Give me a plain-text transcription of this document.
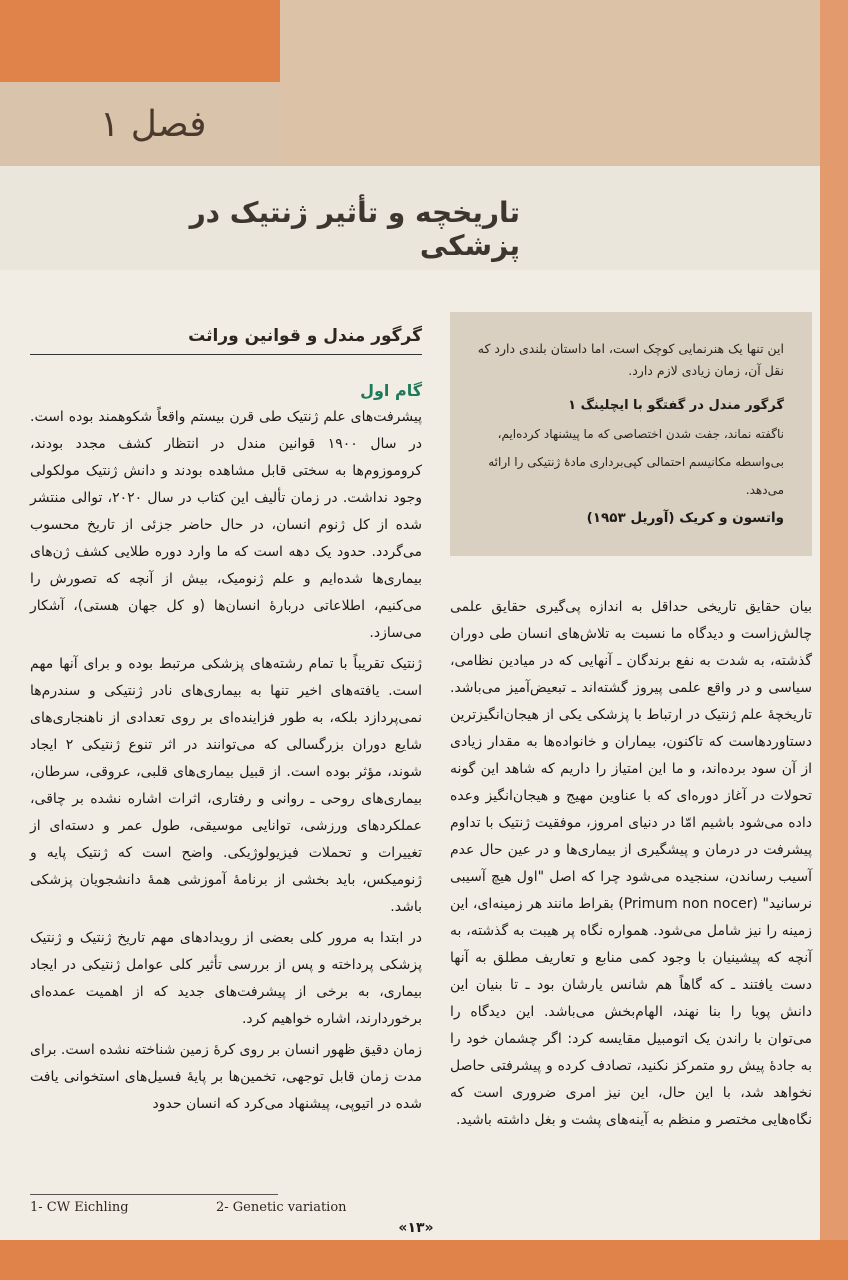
فصل ۱
تاریخچه و تأثیر ژنتیک در پزشکی
این تنها یک هنرنمایی کوچک است، اما داستان بلندی دارد که نقل آن، زمان زیادی لازم دارد.
گرگور مندل در گفتگو با ایچلینگ ۱
ناگفته نماند، جفت شدن اختصاصی که ما پیشنهاد کرده‌ایم، بی‌واسطه مکانیسم احتمالی کپی‌برداری مادهٔ ژنتیکی را ارائه می‌دهد.
واتسون و کریک (آوریل ۱۹۵۳)
گرگور مندل و قوانین وراثت
گام اول

پیشرفت‌های علم ژنتیک طی قرن بیستم واقعاً شکوهمند بوده است. در سال ۱۹۰۰ قوانین مندل در انتظار کشف مجدد بودند، کروموزوم‌ها به سختی قابل مشاهده بودند و دانش ژنتیک مولکولی وجود نداشت. در زمان تألیف این کتاب در سال ۲۰۲۰، توالی منتشر شده از کل ژنوم انسان، در حال حاضر جزئی از تاریخ محسوب می‌گردد. حدود یک دهه است که ما وارد دوره طلایی کشف ژن‌های بیماری‌ها شده‌ایم و علم ژنومیک، بیش از آنچه که تصورش را می‌کنیم، اطلاعاتی دربارهٔ انسان‌ها (و کل جهان هستی)، آشکار می‌سازد.

ژنتیک تقریباً با تمام رشته‌های پزشکی مرتبط بوده و برای آنها مهم است. یافته‌های اخیر تنها به بیماری‌های نادر ژنتیکی و سندرم‌ها نمی‌پردازد بلکه، به طور فزاینده‌ای بر روی تعدادی از ناهنجاری‌های شایع دوران بزرگسالی که می‌توانند در اثر تنوع ژنتیکی ۲ ایجاد شوند، مؤثر بوده است. از قبیل بیماری‌های قلبی، عروقی، سرطان، بیماری‌های روحی ـ روانی و رفتاری، اثرات اشاره نشده بر چاقی، عملکردهای ورزشی، توانایی موسیقی، طول عمر و دسته‌ای از تغییرات و تحملات فیزیولوژیکی. واضح است که ژنتیک پایه و ژنومیکس، باید بخشی از برنامهٔ آموزشی همهٔ دانشجویان پزشکی باشد.

در ابتدا به مرور کلی بعضی از رویدادهای مهم تاریخ ژنتیک و ژنتیک پزشکی پرداخته و پس از بررسی تأثیر کلی عوامل ژنتیکی در ایجاد بیماری، به برخی از پیشرفت‌های جدید که از اهمیت عمده‌ای برخوردارند، اشاره خواهیم کرد.

زمان دقیق ظهور انسان بر روی کرهٔ زمین شناخته نشده است. برای مدت زمان قابل توجهی، تخمین‌ها بر پایهٔ فسیل‌های استخوانی یافت شده در اتیوپی، پیشنهاد می‌کرد که انسان حدود

بیان حقایق تاریخی حداقل به اندازه پی‌گیری حقایق علمی چالش‌زاست و دیدگاه ما نسبت به تلاش‌های انسان طی دوران گذشته، به شدت به نفع برندگان ـ آنهایی که در میادین نظامی، سیاسی و در واقع علمی پیروز گشته‌اند ـ تبعیض‌آمیز می‌باشد. تاریخچهٔ علم ژنتیک در ارتباط با پزشکی یکی از هیجان‌انگیزترین دستاوردهاست که تاکنون، بیماران و خانواده‌ها به مقدار زیادی از آن سود برده‌اند، و ما این امتیاز را داریم که شاهد این گونه تحولات در آغاز دوره‌ای که با عناوین مهیج و هیجان‌انگیز وعده داده می‌شود باشیم امّا در دنیای امروز، موفقیت ژنتیک با تداوم پیشرفت در درمان و پیشگیری از بیماری‌ها و در عین حال عدم آسیب رساندن، سنجیده می‌شود چرا که اصل "اول هیچ آسیبی نرسانید" (Primum non nocer) بقراط مانند هر زمینه‌ای، این زمینه را نیز شامل می‌شود. همواره نگاه پر هیبت به گذشته، به آنچه که پیشینیان با وجود کمی منابع و تعاریف مطلق به آنها دست یافتند ـ که گاهاً هم شانس یارشان بود ـ تا بنیان این دانش پویا را بنا نهند، الهام‌بخش می‌باشد. این دیدگاه را می‌توان با راندن یک اتومبیل مقایسه کرد: اگر چشمان خود را به جادهٔ پیش رو متمرکز نکنید، تصادف کرده و پیشرفتی حاصل نخواهد شد، با این حال، این نیز امری ضروری است که نگاه‌هایی مختصر و منظم به آینه‌های پشت و بغل داشته باشید.

1- CW Eichling	2- Genetic variation
«۱۳»
